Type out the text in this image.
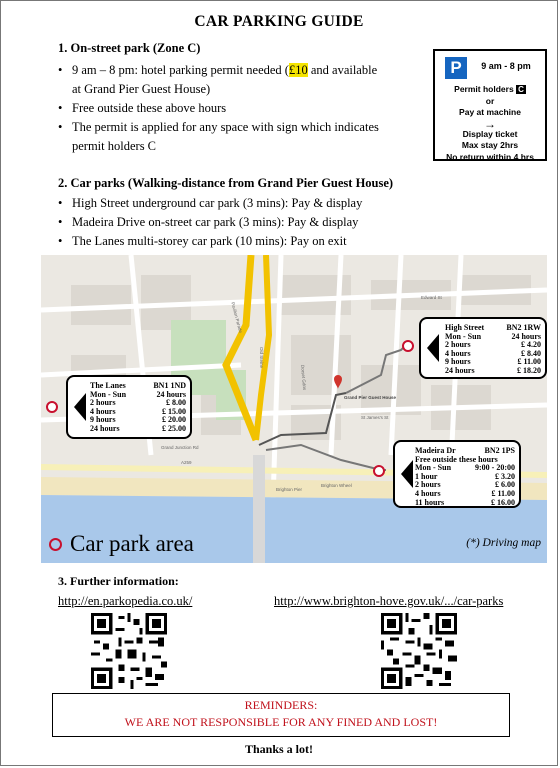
CAR PARKING GUIDE
1. On-street park (Zone C)
• 9 am – 8 pm: hotel parking permit needed (£10 and available
at Grand Pier Guest House)
• Free outside these above hours
• The permit is applied for any space with sign which indicates
permit holders C
P	9 am - 8 pm
Permit holders C
or
Pay at machine
→
Display ticket
Max stay 2hrs
No return within 4 hrs
2. Car parks (Walking-distance from Grand Pier Guest House)
• High Street underground car park (3 mins): Pay & display
• Madeira Drive on-street car park (3 mins): Pay & display
• The Lanes multi-storey car park (10 mins): Pay on exit
Grand Pier Guest House
Pavilion Parade
Old Steine
Dorset Gdns
St James's St
Edward St
Grand Junction Rd
A259
Brighton Pier
Brighton Wheel
The Lanes	BN1 1ND
Mon - Sun	24 hours
2 hours	£ 8.00
4 hours	£ 15.00
9 hours	£ 20.00
24 hours	£ 25.00
High Street	BN2 1RW
Mon - Sun	24 hours
2 hours	£ 4.20
4 hours	£ 8.40
9 hours	£ 11.00
24 hours	£ 18.20
Madeira Dr	BN2 1PS
Free outside these hours	
Mon - Sun	9:00 - 20:00
1 hour	£ 3.20
2 hours	£ 6.00
4 hours	£ 11.00
11 hours	£ 16.00
Car park area	(*) Driving map
3. Further information:
http://en.parkopedia.co.uk/	http://www.brighton-hove.gov.uk/.../car-parks
REMINDERS:
WE ARE NOT RESPONSIBLE FOR ANY FINED AND LOST!
Thanks a lot!
